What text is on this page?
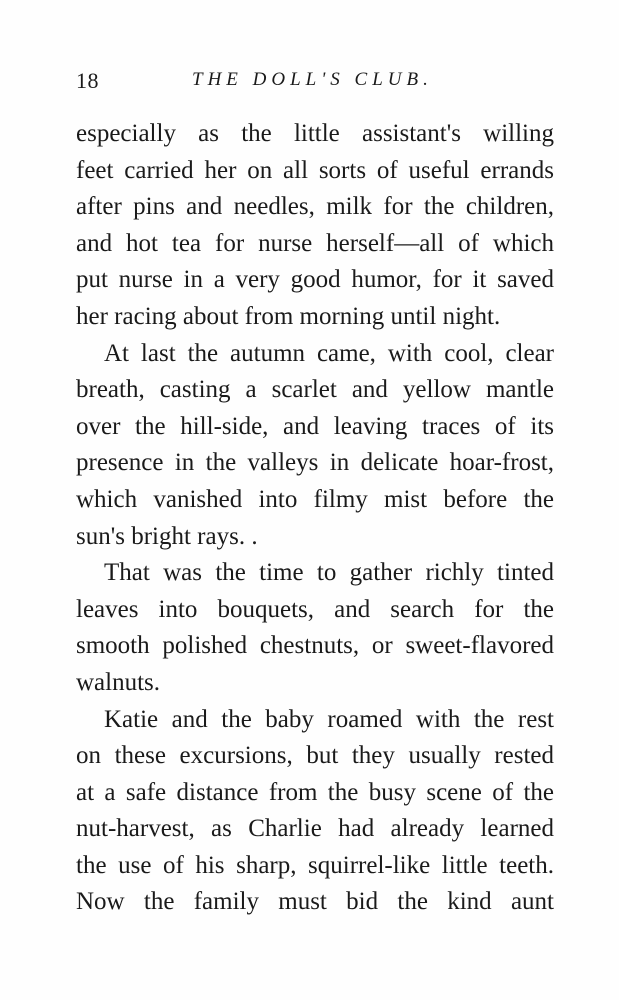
18	THE DOLL'S CLUB.
especially as the little assistant's willing
feet carried her on all sorts of useful errands
after pins and needles, milk for the children,
and hot tea for nurse herself—all of which
put nurse in a very good humor, for it saved
her racing about from morning until night.
At last the autumn came, with cool, clear
breath, casting a scarlet and yellow mantle
over the hill-side, and leaving traces of its
presence in the valleys in delicate hoar-frost,
which vanished into filmy mist before the
sun's bright rays. .
That was the time to gather richly tinted
leaves into bouquets, and search for the
smooth polished chestnuts, or sweet-flavored
walnuts.
Katie and the baby roamed with the rest
on these excursions, but they usually rested
at a safe distance from the busy scene of the
nut-harvest, as Charlie had already learned
the use of his sharp, squirrel-like little teeth.
Now the family must bid the kind aunt
